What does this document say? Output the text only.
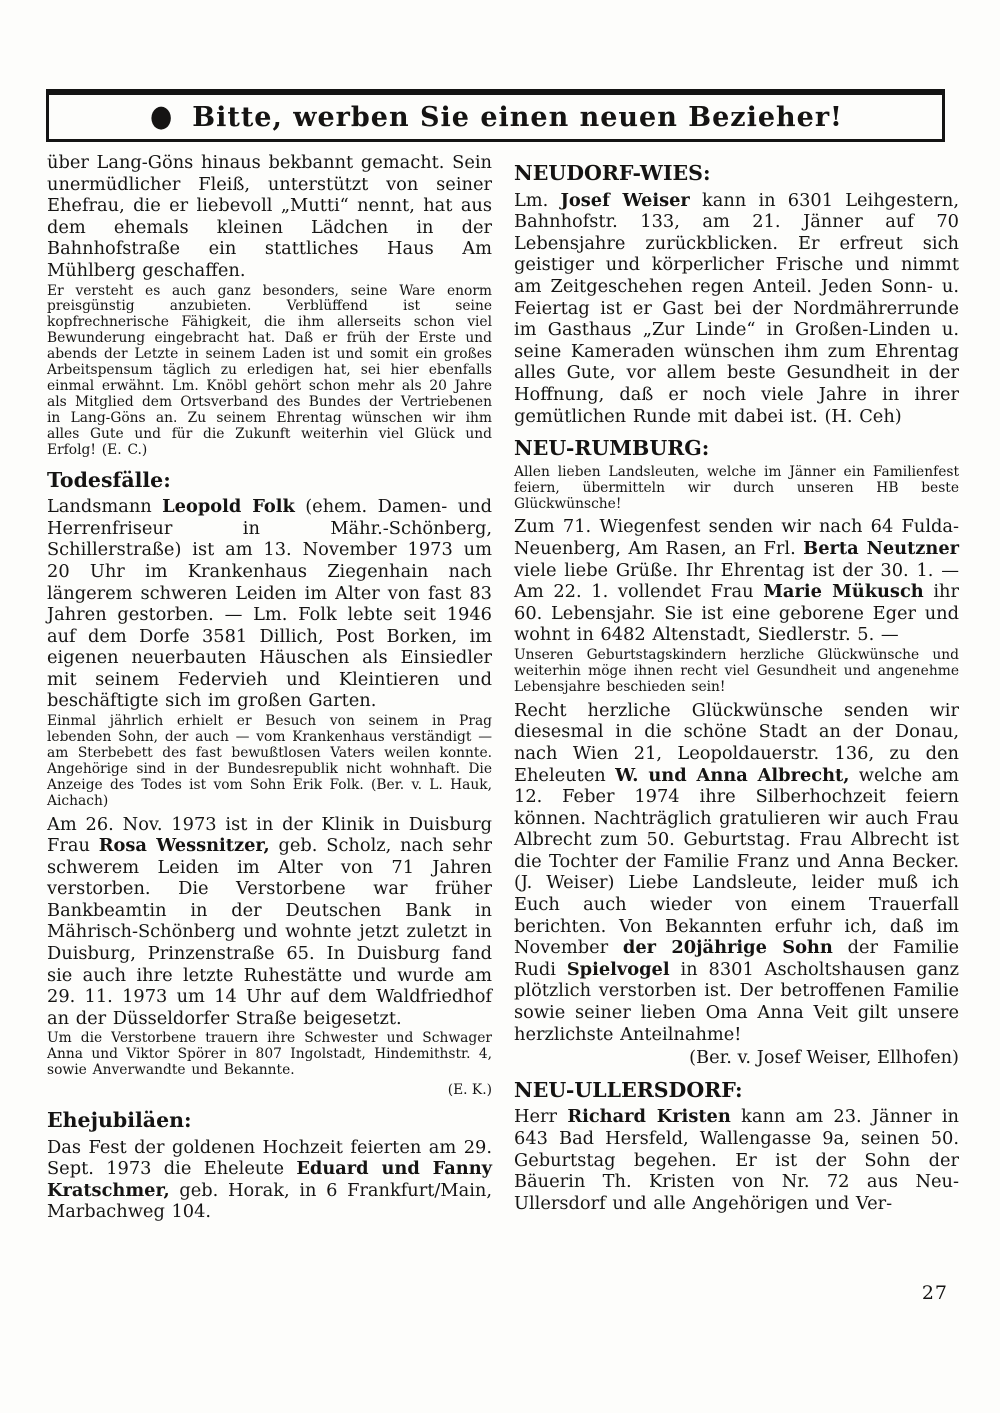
● Bitte, werben Sie einen neuen Bezieher!

über Lang-Göns hinaus bekbannt gemacht. Sein unermüdlicher Fleiß, unterstützt von seiner Ehefrau, die er liebevoll „Mutti“ nennt, hat aus dem ehemals kleinen Lädchen in der Bahnhofstraße ein stattliches Haus Am Mühlberg geschaffen.

Er versteht es auch ganz besonders, seine Ware enorm preisgünstig anzubieten. Verblüffend ist seine kopfrechnerische Fähigkeit, die ihm allerseits schon viel Bewunderung eingebracht hat. Daß er früh der Erste und abends der Letzte in seinem Laden ist und somit ein großes Arbeitspensum täglich zu erledigen hat, sei hier ebenfalls einmal erwähnt. Lm. Knöbl gehört schon mehr als 20 Jahre als Mitglied dem Ortsverband des Bundes der Vertriebenen in Lang-Göns an. Zu seinem Ehrentag wünschen wir ihm alles Gute und für die Zukunft weiterhin viel Glück und Erfolg! (E. C.)

Todesfälle:

Landsmann Leopold Folk (ehem. Damen- und Herrenfriseur in Mähr.-Schönberg, Schillerstraße) ist am 13. November 1973 um 20 Uhr im Krankenhaus Ziegenhain nach längerem schweren Leiden im Alter von fast 83 Jahren gestorben. — Lm. Folk lebte seit 1946 auf dem Dorfe 3581 Dillich, Post Borken, im eigenen neuerbauten Häuschen als Einsiedler mit seinem Federvieh und Kleintieren und beschäftigte sich im großen Garten.

Einmal jährlich erhielt er Besuch von seinem in Prag lebenden Sohn, der auch — vom Krankenhaus verständigt — am Sterbebett des fast bewußtlosen Vaters weilen konnte. Angehörige sind in der Bundesrepublik nicht wohnhaft. Die Anzeige des Todes ist vom Sohn Erik Folk. (Ber. v. L. Hauk, Aichach)

Am 26. Nov. 1973 ist in der Klinik in Duisburg Frau Rosa Wessnitzer, geb. Scholz, nach sehr schwerem Leiden im Alter von 71 Jahren verstorben. Die Verstorbene war früher Bankbeamtin in der Deutschen Bank in Mährisch-Schönberg und wohnte jetzt zuletzt in Duisburg, Prinzenstraße 65. In Duisburg fand sie auch ihre letzte Ruhestätte und wurde am 29. 11. 1973 um 14 Uhr auf dem Waldfriedhof an der Düsseldorfer Straße beigesetzt.

Um die Verstorbene trauern ihre Schwester und Schwager Anna und Viktor Spörer in 807 Ingolstadt, Hindemithstr. 4, sowie Anverwandte und Bekannte.

(E. K.)
Ehejubiläen:

Das Fest der goldenen Hochzeit feierten am 29. Sept. 1973 die Eheleute Eduard und Fanny Kratschmer, geb. Horak, in 6 Frankfurt/Main, Marbachweg 104.

NEUDORF-WIES:

Lm. Josef Weiser kann in 6301 Leihgestern, Bahnhofstr. 133, am 21. Jänner auf 70 Lebensjahre zurückblicken. Er erfreut sich geistiger und körperlicher Frische und nimmt am Zeitgeschehen regen Anteil. Jeden Sonn- u. Feiertag ist er Gast bei der Nordmährerrunde im Gasthaus „Zur Linde“ in Großen-Linden u. seine Kameraden wünschen ihm zum Ehrentag alles Gute, vor allem beste Gesundheit in der Hoffnung, daß er noch viele Jahre in ihrer gemütlichen Runde mit dabei ist. (H. Ceh)

NEU-RUMBURG:

Allen lieben Landsleuten, welche im Jänner ein Familienfest feiern, übermitteln wir durch unseren HB beste Glückwünsche!

Zum 71. Wiegenfest senden wir nach 64 Fulda-Neuenberg, Am Rasen, an Frl. Berta Neutzner viele liebe Grüße. Ihr Ehrentag ist der 30. 1. — Am 22. 1. vollendet Frau Marie Mükusch ihr 60. Lebensjahr. Sie ist eine geborene Eger und wohnt in 6482 Altenstadt, Siedlerstr. 5. —

Unseren Geburtstagskindern herzliche Glückwünsche und weiterhin möge ihnen recht viel Gesundheit und angenehme Lebensjahre beschieden sein!

Recht herzliche Glückwünsche senden wir diesesmal in die schöne Stadt an der Donau, nach Wien 21, Leopoldauerstr. 136, zu den Eheleuten W. und Anna Albrecht, welche am 12. Feber 1974 ihre Silberhochzeit feiern können. Nachträglich gratulieren wir auch Frau Albrecht zum 50. Geburtstag. Frau Albrecht ist die Tochter der Familie Franz und Anna Becker. (J. Weiser) Liebe Landsleute, leider muß ich Euch auch wieder von einem Trauerfall berichten. Von Bekannten erfuhr ich, daß im November der 20jährige Sohn der Familie Rudi Spielvogel in 8301 Ascholtshausen ganz plötzlich verstorben ist. Der betroffenen Familie sowie seiner lieben Oma Anna Veit gilt unsere herzlichste Anteilnahme!

(Ber. v. Josef Weiser, Ellhofen)
NEU-ULLERSDORF:

Herr Richard Kristen kann am 23. Jänner in 643 Bad Hersfeld, Wallengasse 9a, seinen 50. Geburtstag begehen. Er ist der Sohn der Bäuerin Th. Kristen von Nr. 72 aus Neu-Ullersdorf und alle Angehörigen und Ver-

27
